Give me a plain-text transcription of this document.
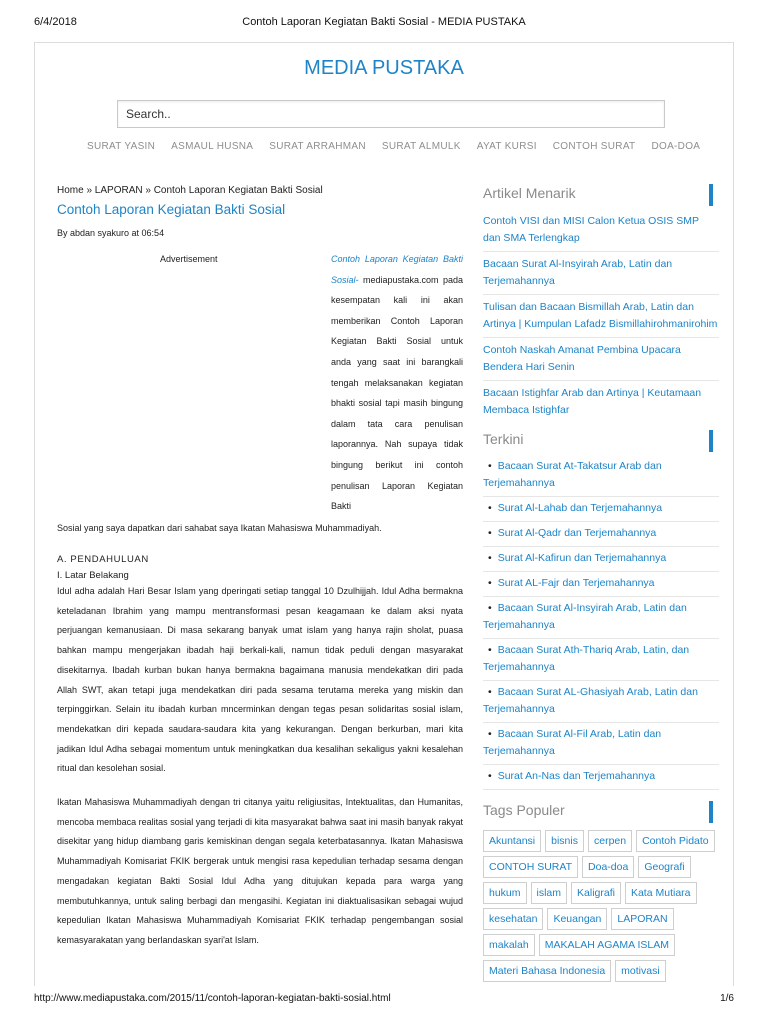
6/4/2018	Contoh Laporan Kegiatan Bakti Sosial - MEDIA PUSTAKA
MEDIA PUSTAKA
Search..
SURAT YASIN ASMAUL HUSNA SURAT ARRAHMAN SURAT ALMULK AYAT KURSI CONTOH SURAT DOA-DOA
Home » LAPORAN » Contoh Laporan Kegiatan Bakti Sosial
Contoh Laporan Kegiatan Bakti Sosial
By abdan syakuro at 06:54
Advertisement	Contoh Laporan Kegiatan Bakti Sosial- mediapustaka.com pada kesempatan kali ini akan memberikan Contoh Laporan Kegiatan Bakti Sosial untuk anda yang saat ini barangkali tengah melaksanakan kegiatan bhakti sosial tapi masih bingung dalam tata cara penulisan laporannya. Nah supaya tidak bingung berikut ini contoh penulisan Laporan Kegiatan Bakti
Sosial yang saya dapatkan dari sahabat saya Ikatan Mahasiswa Muhammadiyah.
A. PENDAHULUAN
I. Latar Belakang

Idul adha adalah Hari Besar Islam yang dperingati setiap tanggal 10 Dzulhijjah. Idul Adha bermakna keteladanan Ibrahim yang mampu mentransformasi pesan keagamaan ke dalam aksi nyata perjuangan kemanusiaan. Di masa sekarang banyak umat islam yang hanya rajin sholat, puasa bahkan mampu mengerjakan ibadah haji berkali-kali, namun tidak peduli dengan masyarakat disekitarnya. Ibadah kurban bukan hanya bermakna bagaimana manusia mendekatkan diri pada Allah SWT, akan tetapi juga mendekatkan diri pada sesama terutama mereka yang miskin dan terpinggirkan. Selain itu ibadah kurban mncerminkan dengan tegas pesan solidaritas sosial islam, mendekatkan diri kepada saudara-saudara kita yang kekurangan. Dengan berkurban, mari kita jadikan Idul Adha sebagai momentum untuk meningkatkan dua kesalihan sekaligus yakni kesalehan ritual dan kesolehan sosial.

Ikatan Mahasiswa Muhammadiyah dengan tri citanya yaitu religiusitas, Intektualitas, dan Humanitas, mencoba membaca realitas sosial yang terjadi di kita masyarakat bahwa saat ini masih banyak rakyat disekitar yang hidup diambang garis kemiskinan dengan segala keterbatasannya. Ikatan Mahasiswa Muhammadiyah Komisariat FKIK bergerak untuk mengisi rasa kepedulian terhadap sesama dengan mengadakan kegiatan Bakti Sosial Idul Adha yang ditujukan kepada para warga yang membutuhkannya, untuk saling berbagi dan mengasihi. Kegiatan ini diaktualisasikan sebagai wujud kepedulian Ikatan Mahasiswa Muhammadiyah Komisariat FKIK terhadap pengembangan sosial kemasyarakatan yang berlandaskan syari'at Islam.

Artikel Menarik
Contoh VISI dan MISI Calon Ketua OSIS SMP dan SMA Terlengkap
Bacaan Surat Al-Insyirah Arab, Latin dan Terjemahannya
Tulisan dan Bacaan Bismillah Arab, Latin dan Artinya | Kumpulan Lafadz Bismillahirohmanirohim
Contoh Naskah Amanat Pembina Upacara Bendera Hari Senin
Bacaan Istighfar Arab dan Artinya | Keutamaan Membaca Istighfar
Terkini
• Bacaan Surat At-Takatsur Arab dan Terjemahannya
• Surat Al-Lahab dan Terjemahannya
• Surat Al-Qadr dan Terjemahannya
• Surat Al-Kafirun dan Terjemahannya
• Surat AL-Fajr dan Terjemahannya
• Bacaan Surat Al-Insyirah Arab, Latin dan Terjemahannya
• Bacaan Surat Ath-Thariq Arab, Latin, dan Terjemahannya
• Bacaan Surat AL-Ghasiyah Arab, Latin dan Terjemahannya
• Bacaan Surat Al-Fil Arab, Latin dan Terjemahannya
• Surat An-Nas dan Terjemahannya
Tags Populer
Akuntansi	bisnis	cerpen	Contoh Pidato
CONTOH SURAT	Doa-doa	Geografi
hukum	islam	Kaligrafi	Kata Mutiara
kesehatan	Keuangan	LAPORAN
makalah	MAKALAH AGAMA ISLAM
Materi Bahasa Indonesia	motivasi
http://www.mediapustaka.com/2015/11/contoh-laporan-kegiatan-bakti-sosial.html	1/6
